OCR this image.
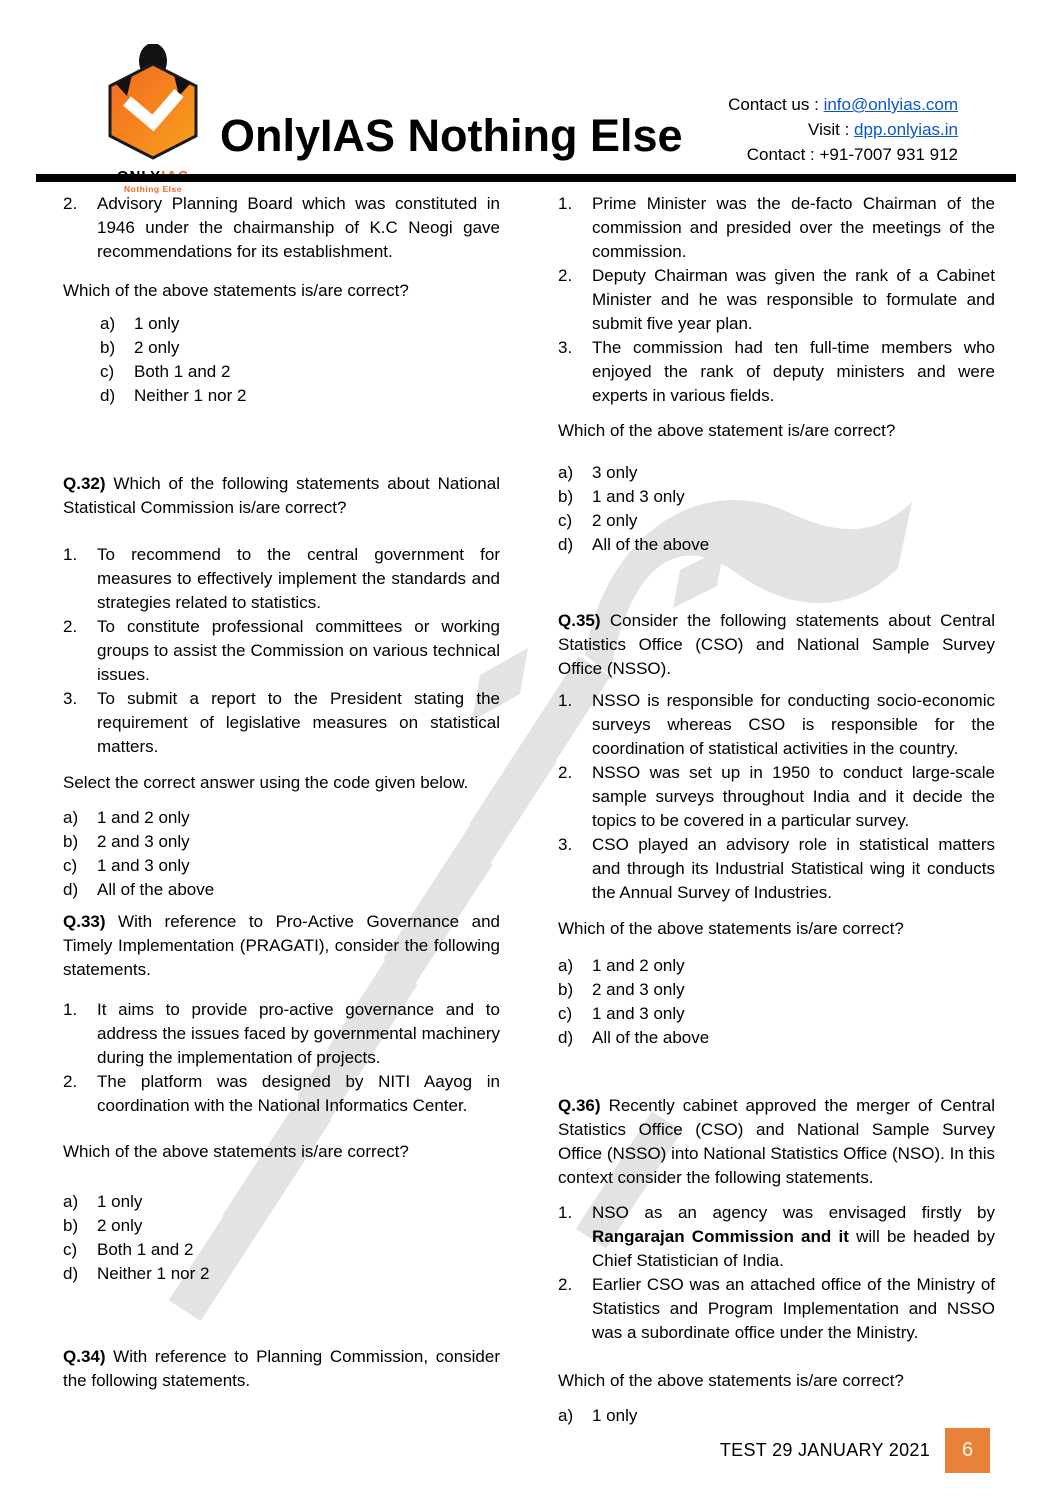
Nothing Else
OnlyIAS Nothing Else
Contact us : info@onlyias.com
Visit : dpp.onlyias.in
Contact : +91-7007 931 912
2.	Advisory Planning Board which was constituted in 1946 under the chairmanship of K.C Neogi gave recommendations for its establishment.

Which of the above statements is/are correct?

a)	1 only
b)	2 only
c)	Both 1 and 2
d)	Neither 1 nor 2

Q.32) Which of the following statements about National Statistical Commission is/are correct?

1.	To recommend to the central government for measures to effectively implement the standards and strategies related to statistics.
2.	To constitute professional committees or working groups to assist the Commission on various technical issues.
3.	To submit a report to the President stating the requirement of legislative measures on statistical matters.

Select the correct answer using the code given below.

a)	1 and 2 only
b)	2 and 3 only
c)	1 and 3 only
d)	All of the above

Q.33) With reference to Pro-Active Governance and Timely Implementation (PRAGATI), consider the following statements.

1.	It aims to provide pro-active governance and to address the issues faced by governmental machinery during the implementation of projects.
2.	The platform was designed by NITI Aayog in coordination with the National Informatics Center.

Which of the above statements is/are correct?

a)	1 only
b)	2 only
c)	Both 1 and 2
d)	Neither 1 nor 2

Q.34) With reference to Planning Commission, consider the following statements.

1.	Prime Minister was the de-facto Chairman of the commission and presided over the meetings of the commission.
2.	Deputy Chairman was given the rank of a Cabinet Minister and he was responsible to formulate and submit five year plan.
3.	The commission had ten full-time members who enjoyed the rank of deputy ministers and were experts in various fields.

Which of the above statement is/are correct?

a)	3 only
b)	1 and 3 only
c)	2 only
d)	All of the above

Q.35) Consider the following statements about Central Statistics Office (CSO) and National Sample Survey Office (NSSO).

1.	NSSO is responsible for conducting socio-economic surveys whereas CSO is responsible for the coordination of statistical activities in the country.
2.	NSSO was set up in 1950 to conduct large-scale sample surveys throughout India and it decide the topics to be covered in a particular survey.
3.	CSO played an advisory role in statistical matters and through its Industrial Statistical wing it conducts the Annual Survey of Industries.

Which of the above statements is/are correct?

a)	1 and 2 only
b)	2 and 3 only
c)	1 and 3 only
d)	All of the above

Q.36) Recently cabinet approved the merger of Central Statistics Office (CSO) and National Sample Survey Office (NSSO) into National Statistics Office (NSO). In this context consider the following statements.

1.	NSO as an agency was envisaged firstly by Rangarajan Commission and it will be headed by Chief Statistician of India.
2.	Earlier CSO was an attached office of the Ministry of Statistics and Program Implementation and NSSO was a subordinate office under the Ministry.

Which of the above statements is/are correct?

a)	1 only
TEST 29 JANUARY 2021	6
